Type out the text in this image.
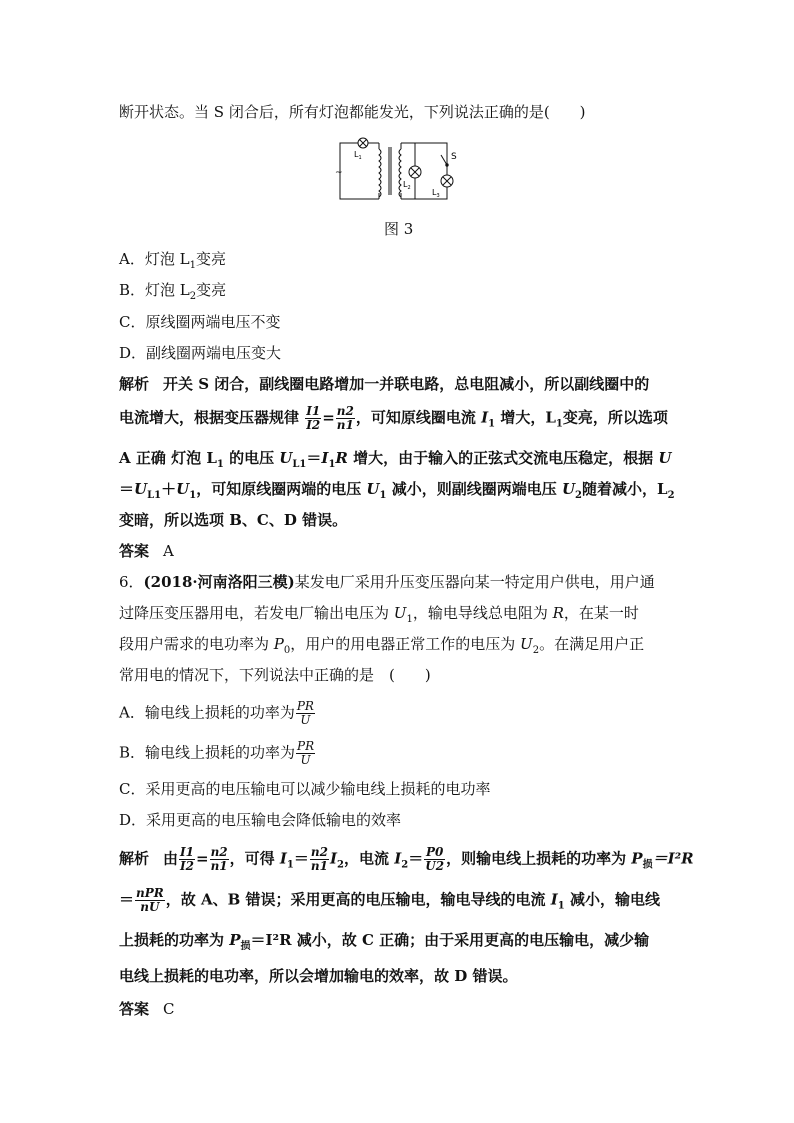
断开状态。当 S 闭合后，所有灯泡都能发光，下列说法正确的是(　　)
~
$L_1$
$L_2$	$L_3$
S
图 3
A．灯泡 $L_1$变亮
B．灯泡 $L_2$变亮
C．原线圈两端电压不变
D．副线圈两端电压变大
解析 开关 S 闭合，副线圈电路增加一并联电路，总电阻减小，所以副线圈中的
电流增大，根据变压器规律 $\frac{I1}{I2} = \frac{n2}{n1}$ ，可知原线圈电流 $I_1$ 增大，$L_1$变亮，所以选项
A 正确 灯泡 $L_1$ 的电压 $U_{L1}=I_1R$ 增大，由于输入的正弦式交流电压稳定，根据 U
$=U_{L1}+U_1$，可知原线圈两端的电压 $U_1$ 减小，则副线圈两端电压 $U_2$随着减小，$L_2$
变暗，所以选项 B、C、D 错误。
答案 A
6．(2018·河南洛阳三模)某发电厂采用升压变压器向某一特定用户供电，用户通
过降压变压器用电，若发电厂输出电压为 $U_1$，输电导线总电阻为 R，在某一时
段用户需求的电功率为 $P_0$，用户的用电器正常工作的电压为 $U_2$。在满足用户正
常用电的情况下，下列说法中正确的是　(　　)
A．输电线上损耗的功率为 $\frac{PR}{U}$
B．输电线上损耗的功率为 $\frac{PR}{U}$
C．采用更高的电压输电可以减少输电线上损耗的电功率
D．采用更高的电压输电会降低输电的效率
解析 由 $\frac{I1}{I2} = \frac{n2}{n1}$ ，可得 $I_1= \frac{n2}{n1} I_2$，电流 $I_2= \frac{P0}{U2}$ ，则输电线上损耗的功率为 $P_损=I^2R$
＝ $\frac{\text{nPR}}{nU}$ ，故 A、B 错误；采用更高的电压输电，输电导线的电流 $I_1$ 减小，输电线
上损耗的功率为 $P_损=I^2R$ 减小，故 C 正确；由于采用更高的电压输电，减少输
电线上损耗的电功率，所以会增加输电的效率，故 D 错误。
答案 C
